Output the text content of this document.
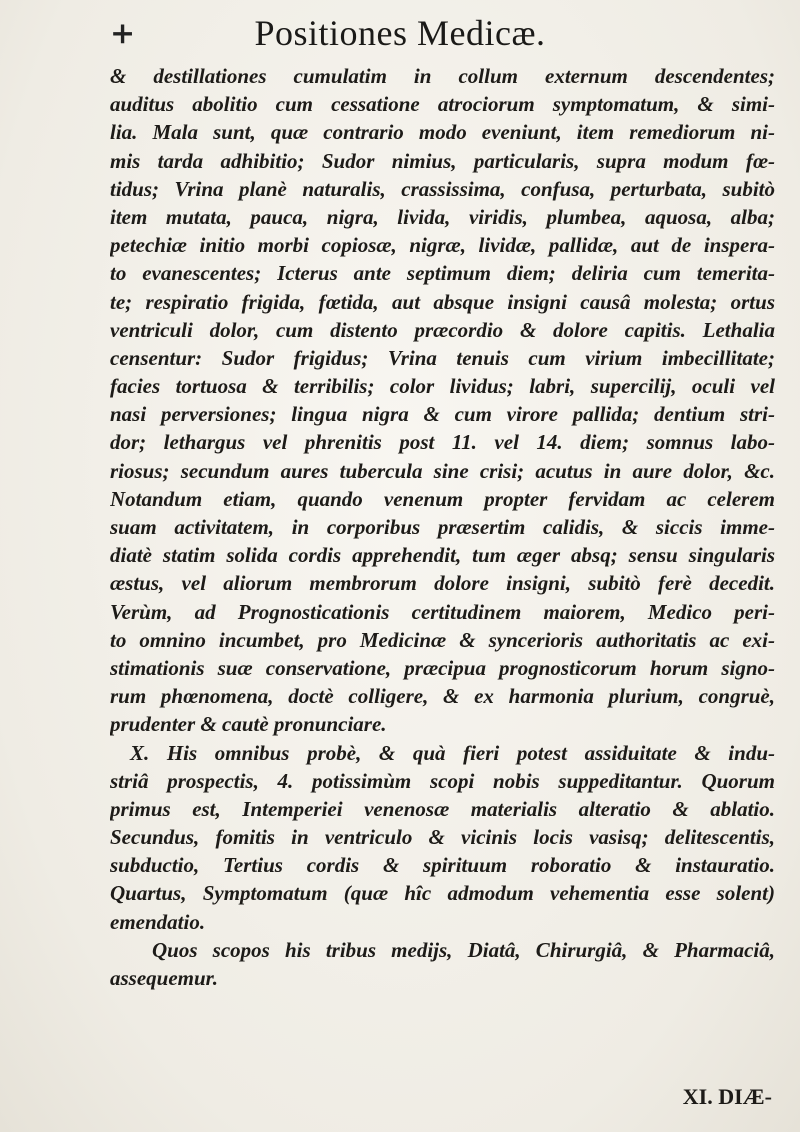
+	Positiones Medicæ.
& destillationes cumulatim in collum externum descendentes;
auditus abolitio cum cessatione atrociorum symptomatum, & simi-
lia. Mala sunt, quæ contrario modo eveniunt, item remediorum ni-
mis tarda adhibitio; Sudor nimius, particularis, supra modum fœ-
tidus; Vrina planè naturalis, crassissima, confusa, perturbata, subitò
item mutata, pauca, nigra, livida, viridis, plumbea, aquosa, alba;
petechiæ initio morbi copiosæ, nigræ, lividæ, pallidæ, aut de insperа-
to evanescentes; Icterus ante septimum diem; deliria cum temerita-
te; respiratio frigida, fœtida, aut absque insigni causâ molesta; ortus
ventriculi dolor, cum distento præcordio & dolore capitis. Lethalia
censentur: Sudor frigidus; Vrina tenuis cum virium imbecillitate;
facies tortuosa & terribilis; color lividus; labri, supercilij, oculi vel
nasi perversiones; lingua nigra & cum virore pallida; dentium stri-
dor; lethargus vel phrenitis post 11. vel 14. diem; somnus labo-
riosus; secundum aures tubercula sine crisi; acutus in aure dolor, &c.
Notandum etiam, quando venenum propter fervidam ac celerem
suam activitatem, in corporibus præsertim calidis, & siccis imme-
diatè statim solida cordis apprehendit, tum æger absq; sensu singularis
æstus, vel aliorum membrorum dolore insigni, subitò ferè decedit.
Verùm, ad Prognosticationis certitudinem maiorem, Medico peri-
to omnino incumbet, pro Medicinæ & syncerioris authoritatis ac exi-
stimationis suæ conservatione, præcipua prognosticorum horum signo-
rum phœnomena, doctè colligere, & ex harmonia plurium, congruè,
prudenter & cautè pronunciare.
X. His omnibus probè, & quà fieri potest assiduitate & indu-
striâ prospectis, 4. potissimùm scopi nobis suppeditantur. Quorum
primus est, Intemperiei venenosæ materialis alteratio & ablatio.
Secundus, fomitis in ventriculo & vicinis locis vasisq; delitescentis,
subductio, Tertius cordis & spirituum roboratio & instauratio.
Quartus, Symptomatum (quæ hîc admodum vehementia esse solent)
emendatio.
Quos scopos his tribus medijs, Diatâ, Chirurgiâ, & Pharmaciâ,
assequemur.
XI. DIÆ-
